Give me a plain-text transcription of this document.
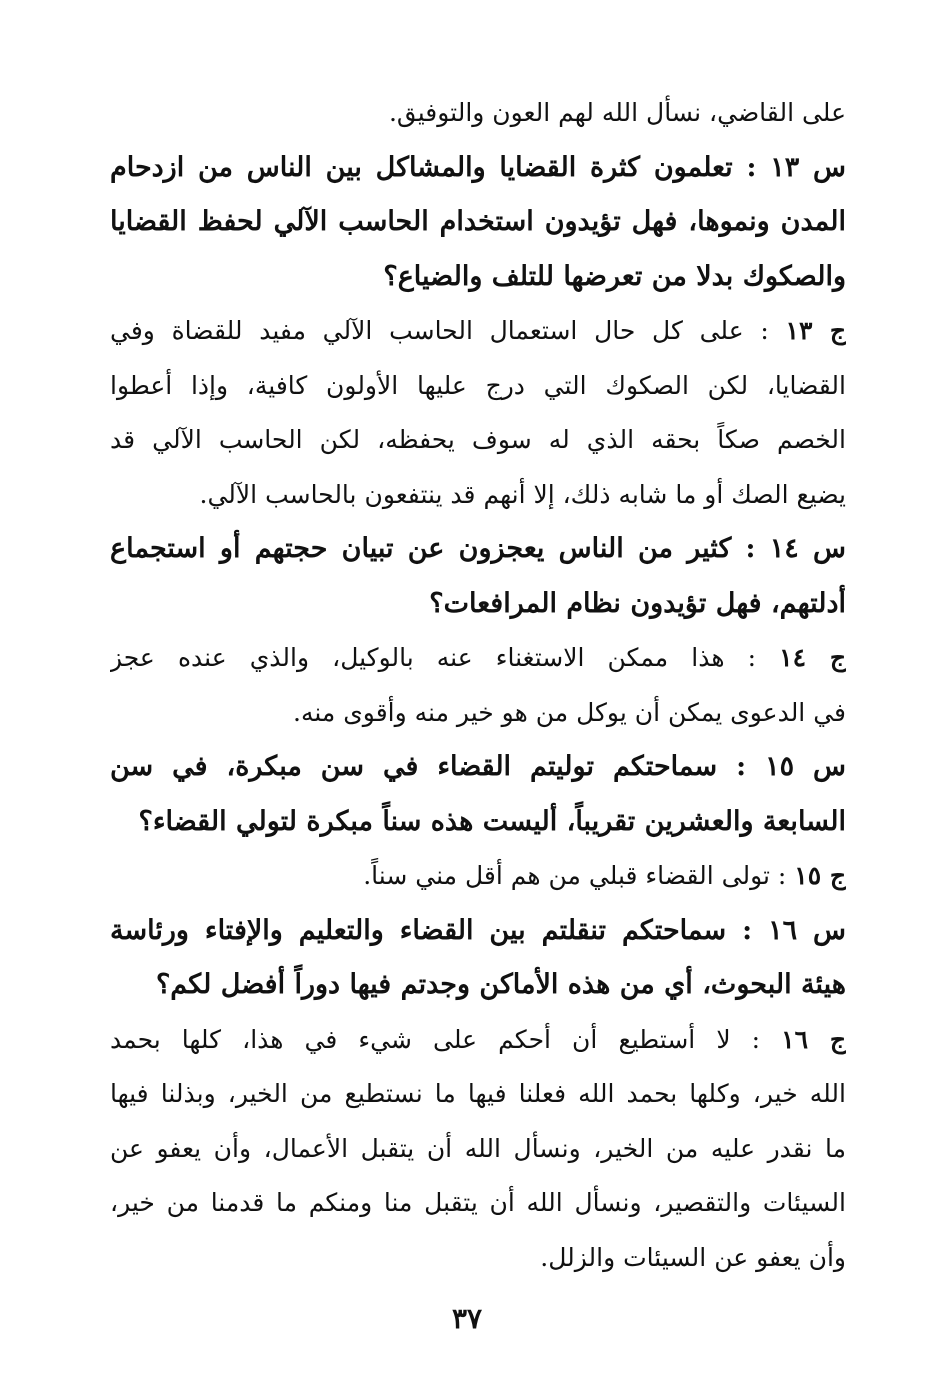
على القاضي، نسأل الله لهم العون والتوفيق.
س ١٣ : تعلمون كثرة القضايا والمشاكل بين الناس من ازدحام
المدن ونموها، فهل تؤيدون استخدام الحاسب الآلي لحفظ القضايا
والصكوك بدلا من تعرضها للتلف والضياع؟
ج ١٣ : على كل حال استعمال الحاسب الآلي مفيد للقضاة وفي
القضايا، لكن الصكوك التي درج عليها الأولون كافية، وإذا أعطوا
الخصم صكاً بحقه الذي له سوف يحفظه، لكن الحاسب الآلي قد
يضيع الصك أو ما شابه ذلك، إلا أنهم قد ينتفعون بالحاسب الآلي.
س ١٤ : كثير من الناس يعجزون عن تبيان حجتهم أو استجماع
أدلتهم، فهل تؤيدون نظام المرافعات؟
ج ١٤ : هذا ممكن الاستغناء عنه بالوكيل، والذي عنده عجز
في الدعوى يمكن أن يوكل من هو خير منه وأقوى منه.
س ١٥ : سماحتكم توليتم القضاء في سن مبكرة، في سن
السابعة والعشرين تقريباً، أليست هذه سناً مبكرة لتولي القضاء؟
ج ١٥ : تولى القضاء قبلي من هم أقل مني سناً.
س ١٦ : سماحتكم تنقلتم بين القضاء والتعليم والإفتاء ورئاسة
هيئة البحوث، أي من هذه الأماكن وجدتم فيها دوراً أفضل لكم؟
ج ١٦ : لا أستطيع أن أحكم على شيء في هذا، كلها بحمد
الله خير، وكلها بحمد الله فعلنا فيها ما نستطيع من الخير، وبذلنا فيها
ما نقدر عليه من الخير، ونسأل الله أن يتقبل الأعمال، وأن يعفو عن
السيئات والتقصير، ونسأل الله أن يتقبل منا ومنكم ما قدمنا من خير،
وأن يعفو عن السيئات والزلل.
٣٧
